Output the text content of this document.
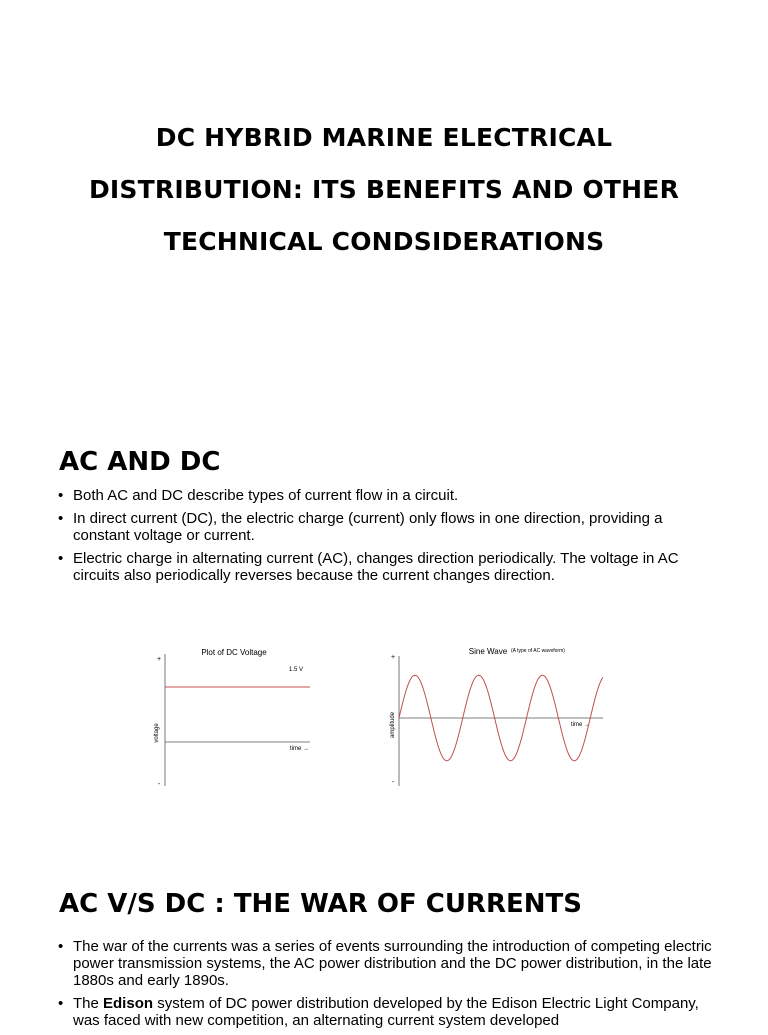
DC HYBRID MARINE ELECTRICAL
DISTRIBUTION: ITS BENEFITS AND OTHER
TECHNICAL CONDSIDERATIONS
AC AND DC
• Both AC and DC describe types of current flow in a circuit.
• In direct current (DC), the electric charge (current) only flows in one direction, providing a constant voltage or current.
• Electric charge in alternating current (AC), changes direction periodically. The voltage in AC circuits also periodically reverses because the current changes direction.
Plot of DC Voltage
+
-
voltage
time →
1.5 V
Sine Wave (A type of AC waveform)
+
-
amplitude	time →
AC V/S DC : THE WAR OF CURRENTS
• The war of the currents was a series of events surrounding the introduction of competing electric power transmission systems, the AC power distribution and the DC power distribution, in the late 1880s and early 1890s.
• The Edison system of DC power distribution developed by the Edison Electric Light Company, was faced with new competition, an alternating current system developed
